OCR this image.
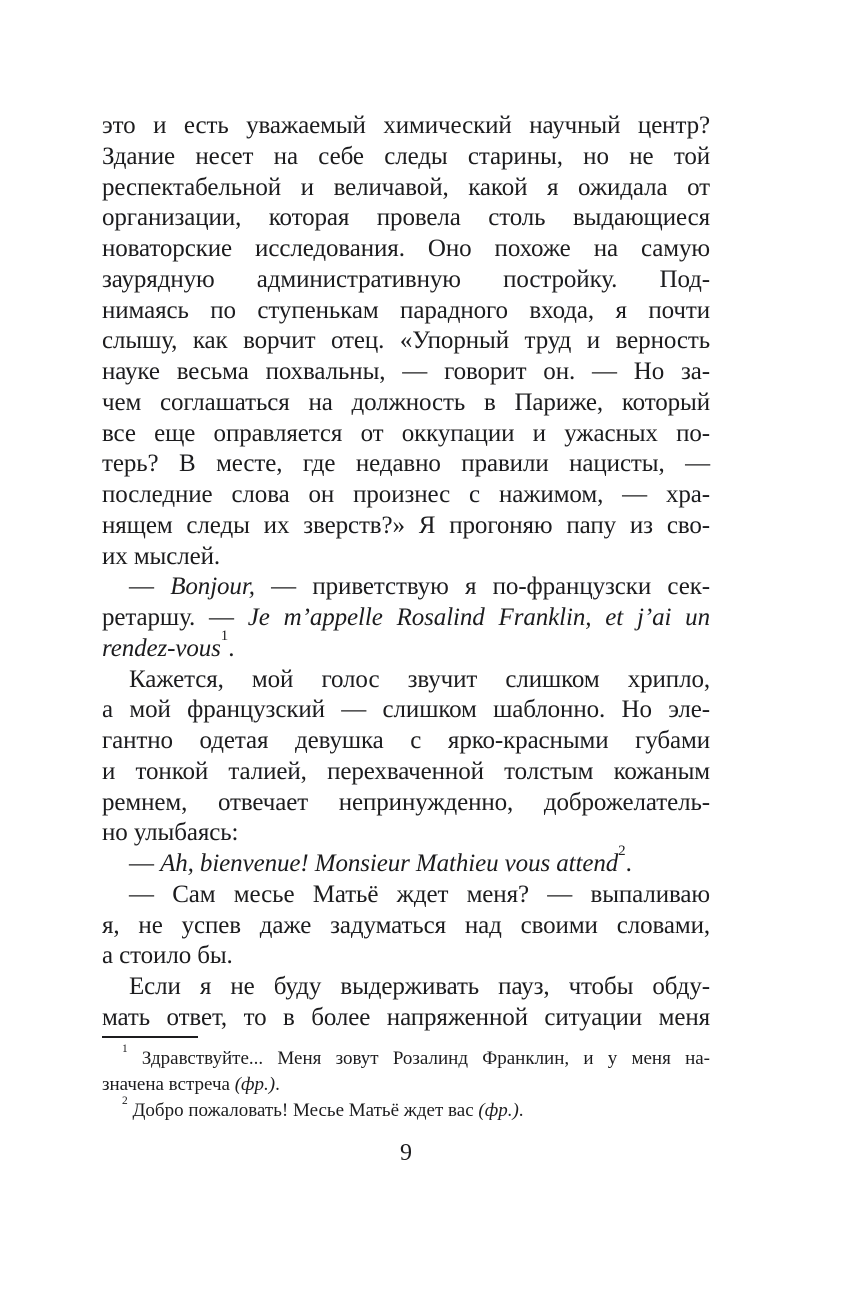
это и есть уважаемый химический научный центр?
Здание несет на себе следы старины, но не той
респектабельной и величавой, какой я ожидала от
организации, которая провела столь выдающиеся
новаторские исследования. Оно похоже на самую
заурядную административную постройку. Под-
нимаясь по ступенькам парадного входа, я почти
слышу, как ворчит отец. «Упорный труд и верность
науке весьма похвальны, — говорит он. — Но за-
чем соглашаться на должность в Париже, который
все еще оправляется от оккупации и ужасных по-
терь? В месте, где недавно правили нацисты, —
последние слова он произнес с нажимом, — хра-
нящем следы их зверств?» Я прогоняю папу из сво-
их мыслей.
— Bonjour, — приветствую я по-французски сек-
ретаршу. — Je m’appelle Rosalind Franklin, et j’ai un
rendez-vous$^1$.
Кажется, мой голос звучит слишком хрипло,
а мой французский — слишком шаблонно. Но эле-
гантно одетая девушка с ярко-красными губами
и тонкой талией, перехваченной толстым кожаным
ремнем, отвечает непринужденно, доброжелатель-
но улыбаясь:
— Ah, bienvenue! Monsieur Mathieu vous attend$^2$.
— Сам месье Матьё ждет меня? — выпаливаю
я, не успев даже задуматься над своими словами,
а стоило бы.
Если я не буду выдерживать пауз, чтобы обду-
мать ответ, то в более напряженной ситуации меня
$^1$ Здравствуйте... Меня зовут Розалинд Франклин, и у меня на-
значена встреча (фр.).
$^2$ Добро пожаловать! Месье Матьё ждет вас (фр.).
9
